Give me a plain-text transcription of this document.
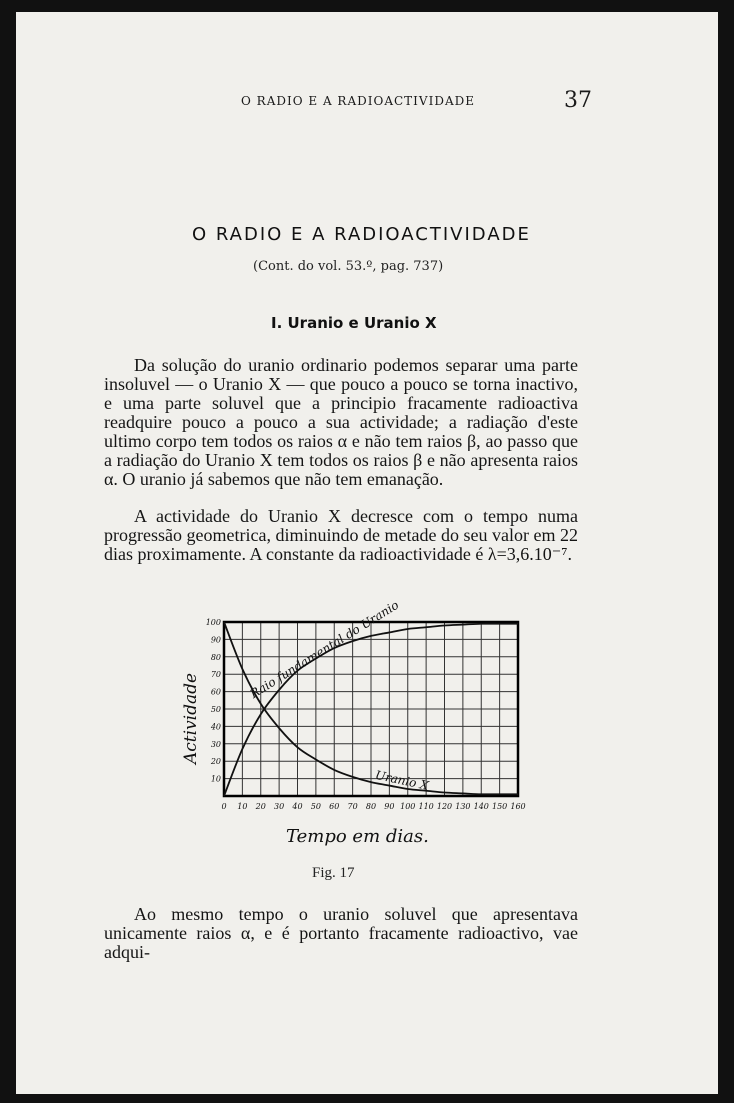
O RADIO E A RADIOACTIVIDADE	37
O RADIO E A RADIOACTIVIDADE
(Cont. do vol. 53.º, pag. 737)
I. Uranio e Uranio X

Da solução do uranio ordinario podemos separar uma parte insoluvel — o Uranio X — que pouco a pouco se torna inactivo, e uma parte soluvel que a principio fracamente radioactiva readquire pouco a pouco a sua actividade; a radiação d'este ultimo corpo tem todos os raios α e não tem raios β, ao passo que a radiação do Uranio X tem todos os raios β e não apresenta raios α. O uranio já sabemos que não tem emanação.

A actividade do Uranio X decresce com o tempo numa progressão geometrica, diminuindo de metade do seu valor em 22 dias proximamente. A constante da radioactividade é λ=3,6.10⁻⁷.

0 10 20 30 40 50 60 70 80 90 100 110 120 130 140 150 160
10
20
30
40
50
60
70
80
90
100 Raio fundamental do Uranio
Uranio X
Actividade
Tempo em dias.
Fig. 17

Ao mesmo tempo o uranio soluvel que apresentava unicamente raios α, e é portanto fracamente radioactivo, vae adqui-
